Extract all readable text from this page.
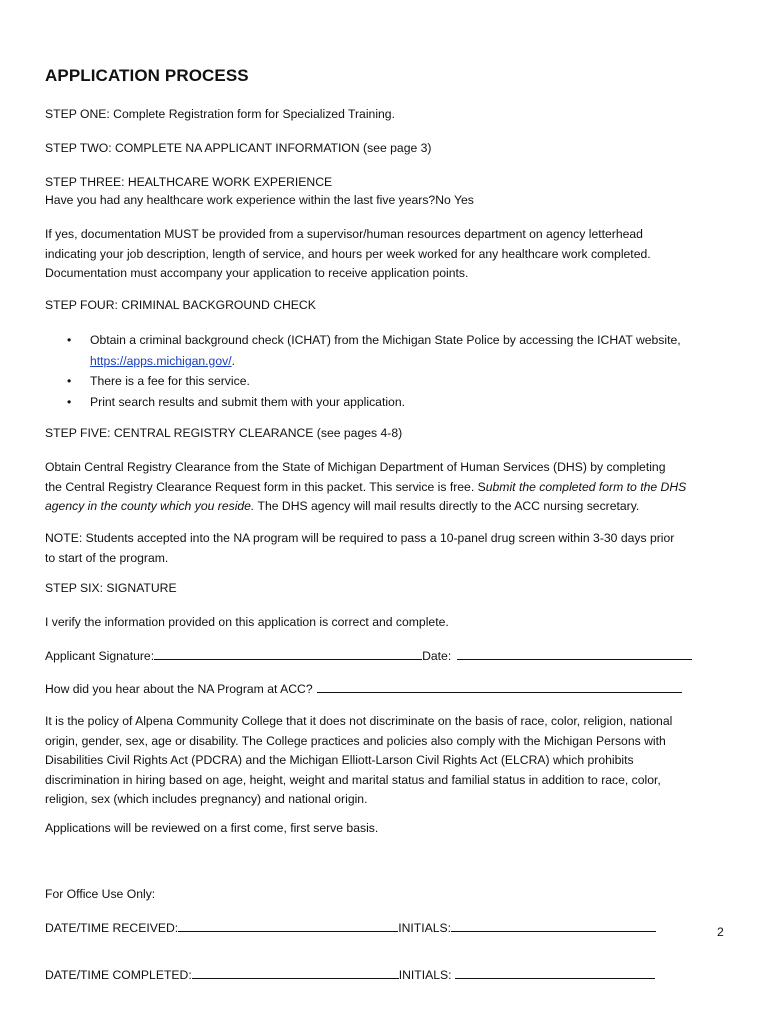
APPLICATION PROCESS
STEP ONE: Complete Registration form for Specialized Training.
STEP TWO: COMPLETE NA APPLICANT INFORMATION (see page 3)
STEP THREE: HEALTHCARE WORK EXPERIENCE
Have you had any healthcare work experience within the last five years?No Yes
If yes, documentation MUST be provided from a supervisor/human resources department on agency letterhead
indicating your job description, length of service, and hours per week worked for any healthcare work completed.
Documentation must accompany your application to receive application points.
STEP FOUR: CRIMINAL BACKGROUND CHECK
• Obtain a criminal background check (ICHAT) from the Michigan State Police by accessing the ICHAT website,
https://apps.michigan.gov/.
• There is a fee for this service.
• Print search results and submit them with your application.
STEP FIVE: CENTRAL REGISTRY CLEARANCE (see pages 4-8)
Obtain Central Registry Clearance from the State of Michigan Department of Human Services (DHS) by completing
the Central Registry Clearance Request form in this packet. This service is free. Submit the completed form to the DHS
agency in the county which you reside. The DHS agency will mail results directly to the ACC nursing secretary.
NOTE: Students accepted into the NA program will be required to pass a 10-panel drug screen within 3-30 days prior
to start of the program.
STEP SIX: SIGNATURE
I verify the information provided on this application is correct and complete.
Applicant Signature:	Date:
How did you hear about the NA Program at ACC?
It is the policy of Alpena Community College that it does not discriminate on the basis of race, color, religion, national
origin, gender, sex, age or disability. The College practices and policies also comply with the Michigan Persons with
Disabilities Civil Rights Act (PDCRA) and the Michigan Elliott-Larson Civil Rights Act (ELCRA) which prohibits
discrimination in hiring based on age, height, weight and marital status and familial status in addition to race, color,
religion, sex (which includes pregnancy) and national origin.
Applications will be reviewed on a first come, first serve basis.
For Office Use Only:
DATE/TIME RECEIVED:	INITIALS:
DATE/TIME COMPLETED:	INITIALS:
2
